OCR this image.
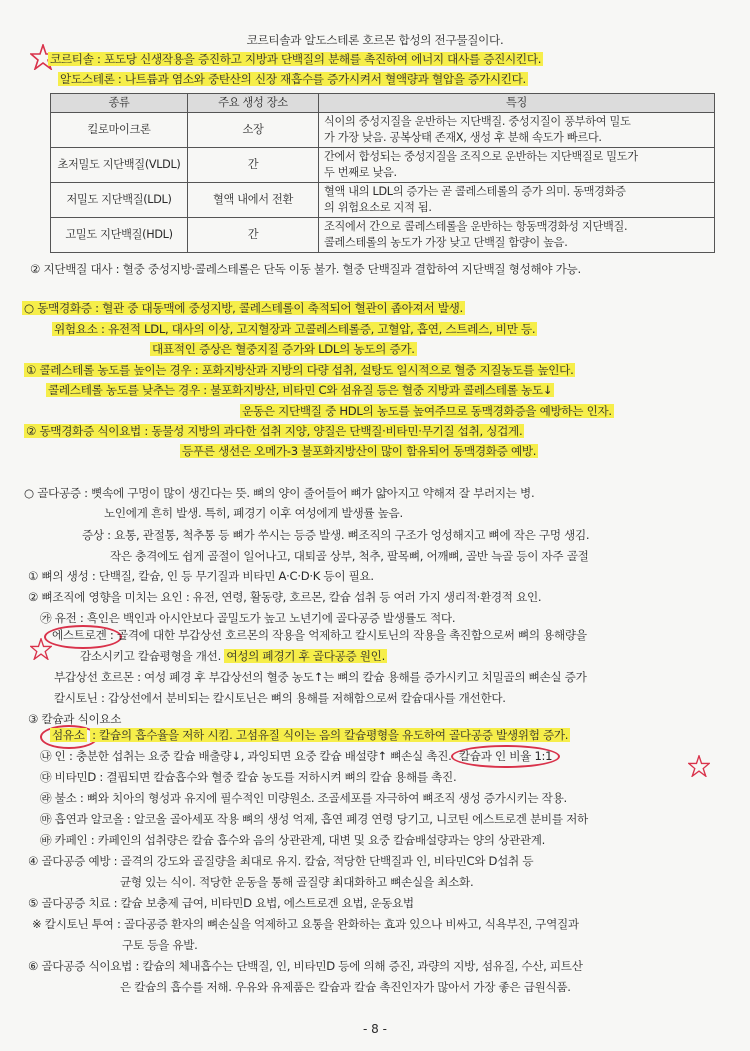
코르티솔과 알도스테론 호르몬 합성의 전구물질이다.
코르티솔 : 포도당 신생작용을 증진하고 지방과 단백질의 분해를 촉진하여 에너지 대사를 증진시킨다.
알도스테론 : 나트륨과 염소와 중탄산의 신장 재흡수를 증가시켜서 혈액량과 혈압을 증가시킨다.
종류	주요 생성 장소	특징
킬로마이크론	소장	식이의 중성지질을 운반하는 지단백질. 중성지질이 풍부하여 밀도
가 가장 낮음. 공복상태 존재X, 생성 후 분해 속도가 빠르다.
초저밀도 지단백질(VLDL)	간	간에서 합성되는 중성지질을 조직으로 운반하는 지단백질로 밀도가
두 번째로 낮음.
저밀도 지단백질(LDL)	혈액 내에서 전환	혈액 내의 LDL의 증가는 곧 콜레스테롤의 증가 의미. 동맥경화증
의 위험요소로 지적 됨.
고밀도 지단백질(HDL)	간	조직에서 간으로 콜레스테롤을 운반하는 항동맥경화성 지단백질.
콜레스테롤의 농도가 가장 낮고 단백질 함량이 높음.
② 지단백질 대사 : 혈중 중성지방·콜레스테롤은 단독 이동 불가. 혈중 단백질과 결합하여 지단백질 형성해야 가능.
○ 동맥경화증 : 혈관 중 대동맥에 중성지방, 콜레스테롤이 축적되어 혈관이 좁아져서 발생.
위험요소 : 유전적 LDL, 대사의 이상, 고지혈장과 고콜레스테롤증, 고혈압, 흡연, 스트레스, 비만 등.
대표적인 증상은 혈중지질 증가와 LDL의 농도의 증가.
① 콜레스테롤 농도를 높이는 경우 : 포화지방산과 지방의 다량 섭취, 설탕도 일시적으로 혈중 지질농도를 높인다.
콜레스테롤 농도를 낮추는 경우 : 불포화지방산, 비타민 C와 섬유질 등은 혈중 지방과 콜레스테롤 농도↓
운동은 지단백질 중 HDL의 농도를 높여주므로 동맥경화증을 예방하는 인자.
② 동맥경화증 식이요법 : 동물성 지방의 과다한 섭취 지양, 양질은 단백질·비타민·무기질 섭취, 싱겁게.
등푸른 생선은 오메가-3 불포화지방산이 많이 함유되어 동맥경화증 예방.
○ 골다공증 : 뼛속에 구멍이 많이 생긴다는 뜻. 뼈의 양이 줄어들어 뼈가 얇아지고 약해져 잘 부러지는 병.
노인에게 흔히 발생. 특히, 폐경기 이후 여성에게 발생률 높음.
증상 : 요통, 관절통, 척추통 등 뼈가 쑤시는 등증 발생. 뼈조직의 구조가 엉성해지고 뼈에 작은 구멍 생김.
작은 충격에도 쉽게 골절이 일어나고, 대퇴골 상부, 척추, 팔목뼈, 어깨뼈, 골반 늑골 등이 자주 골절
① 뼈의 생성 : 단백질, 칼슘, 인 등 무기질과 비타민 A·C·D·K 등이 필요.
② 뼈조직에 영향을 미치는 요인 : 유전, 연령, 활동량, 호르몬, 칼슘 섭취 등 여러 가지 생리적·환경적 요인.
㉮ 유전 : 흑인은 백인과 아시안보다 골밀도가 높고 노년기에 골다공증 발생률도 적다.
에스트로겐 : 골격에 대한 부갑상선 호르몬의 작용을 억제하고 칼시토닌의 작용을 촉진함으로써 뼈의 용해량을
감소시키고 칼슘평형을 개선. 여성의 폐경기 후 골다공증 원인.
부갑상선 호르몬 : 여성 폐경 후 부갑상선의 혈중 농도↑는 뼈의 칼슘 용해를 증가시키고 치밀골의 뼈손실 증가
칼시토닌 : 갑상선에서 분비되는 칼시토닌은 뼈의 용해를 저해함으로써 칼슘대사를 개선한다.
③ 칼슘과 식이요소
섬유소 : 칼슘의 흡수율을 저하 시킴. 고섬유질 식이는 음의 칼슘평형을 유도하여 골다공증 발생위험 증가.
㉯ 인 : 충분한 섭취는 요중 칼슘 배출량↓, 과잉되면 요중 칼슘 배설량↑ 뼈손실 촉진. 칼슘과 인 비율 1:1
㉰ 비타민D : 결핍되면 칼슘흡수와 혈중 칼슘 농도를 저하시켜 뼈의 칼슘 용해를 촉진.
㉱ 불소 : 뼈와 치아의 형성과 유지에 필수적인 미량원소. 조골세포를 자극하여 뼈조직 생성 증가시키는 작용.
㉲ 흡연과 알코올 : 알코올 골아세포 작용 뼈의 생성 억제, 흡연 폐경 연령 당기고, 니코틴 에스트로겐 분비를 저하
㉳ 카페인 : 카페인의 섭취량은 칼슘 흡수와 음의 상관관계, 대변 및 요중 칼슘배설량과는 양의 상관관계.
④ 골다공증 예방 : 골격의 강도와 골질량을 최대로 유지. 칼슘, 적당한 단백질과 인, 비타민C와 D섭취 등
균형 있는 식이. 적당한 운동을 통해 골질량 최대화하고 뼈손실을 최소화.
⑤ 골다공증 치료 : 칼슘 보충제 급여, 비타민D 요법, 에스트로겐 요법, 운동요법
※ 칼시토닌 투여 : 골다공증 환자의 뼈손실을 억제하고 요통을 완화하는 효과 있으나 비싸고, 식욕부진, 구역질과
구토 등을 유발.
⑥ 골다공증 식이요법 : 칼슘의 체내흡수는 단백질, 인, 비타민D 등에 의해 증진, 과량의 지방, 섬유질, 수산, 피트산
은 칼슘의 흡수를 저해. 우유와 유제품은 칼슘과 칼슘 촉진인자가 많아서 가장 좋은 급원식품.
- 8 -
